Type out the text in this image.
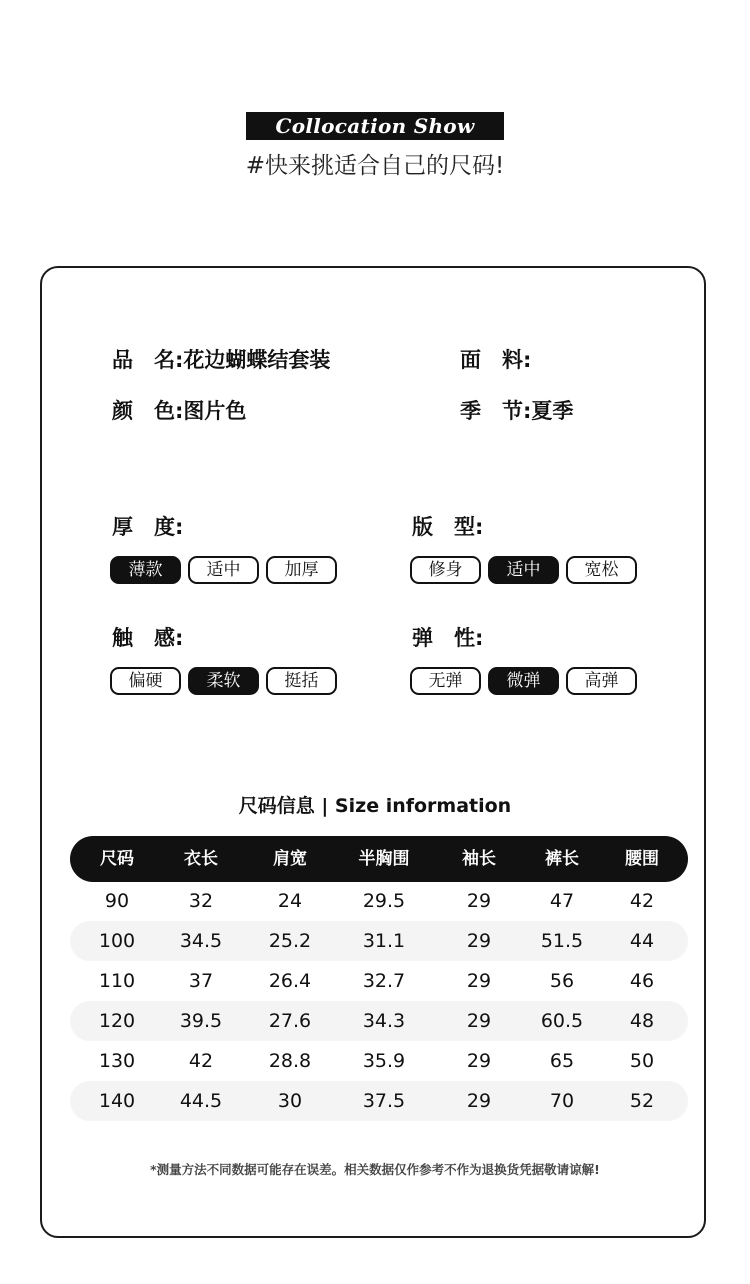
Collocation Show
#快来挑适合自己的尺码!
品　名:花边蝴蝶结套装	面　料:
颜　色:图片色	季　节:夏季
厚　度:
薄款	适中	加厚
版　型:
修身	适中	宽松
触　感:
偏硬	柔软	挺括
弹　性:
无弹	微弹	高弹
尺码信息 | Size information
尺码	衣长	肩宽	半胸围	袖长	裤长	腰围
90	32	24	29.5	29	47	42
100	34.5	25.2	31.1	29	51.5	44
110	37	26.4	32.7	29	56	46
120	39.5	27.6	34.3	29	60.5	48
130	42	28.8	35.9	29	65	50
140	44.5	30	37.5	29	70	52
*测量方法不同数据可能存在误差。相关数据仅作参考不作为退换货凭据敬请谅解!
